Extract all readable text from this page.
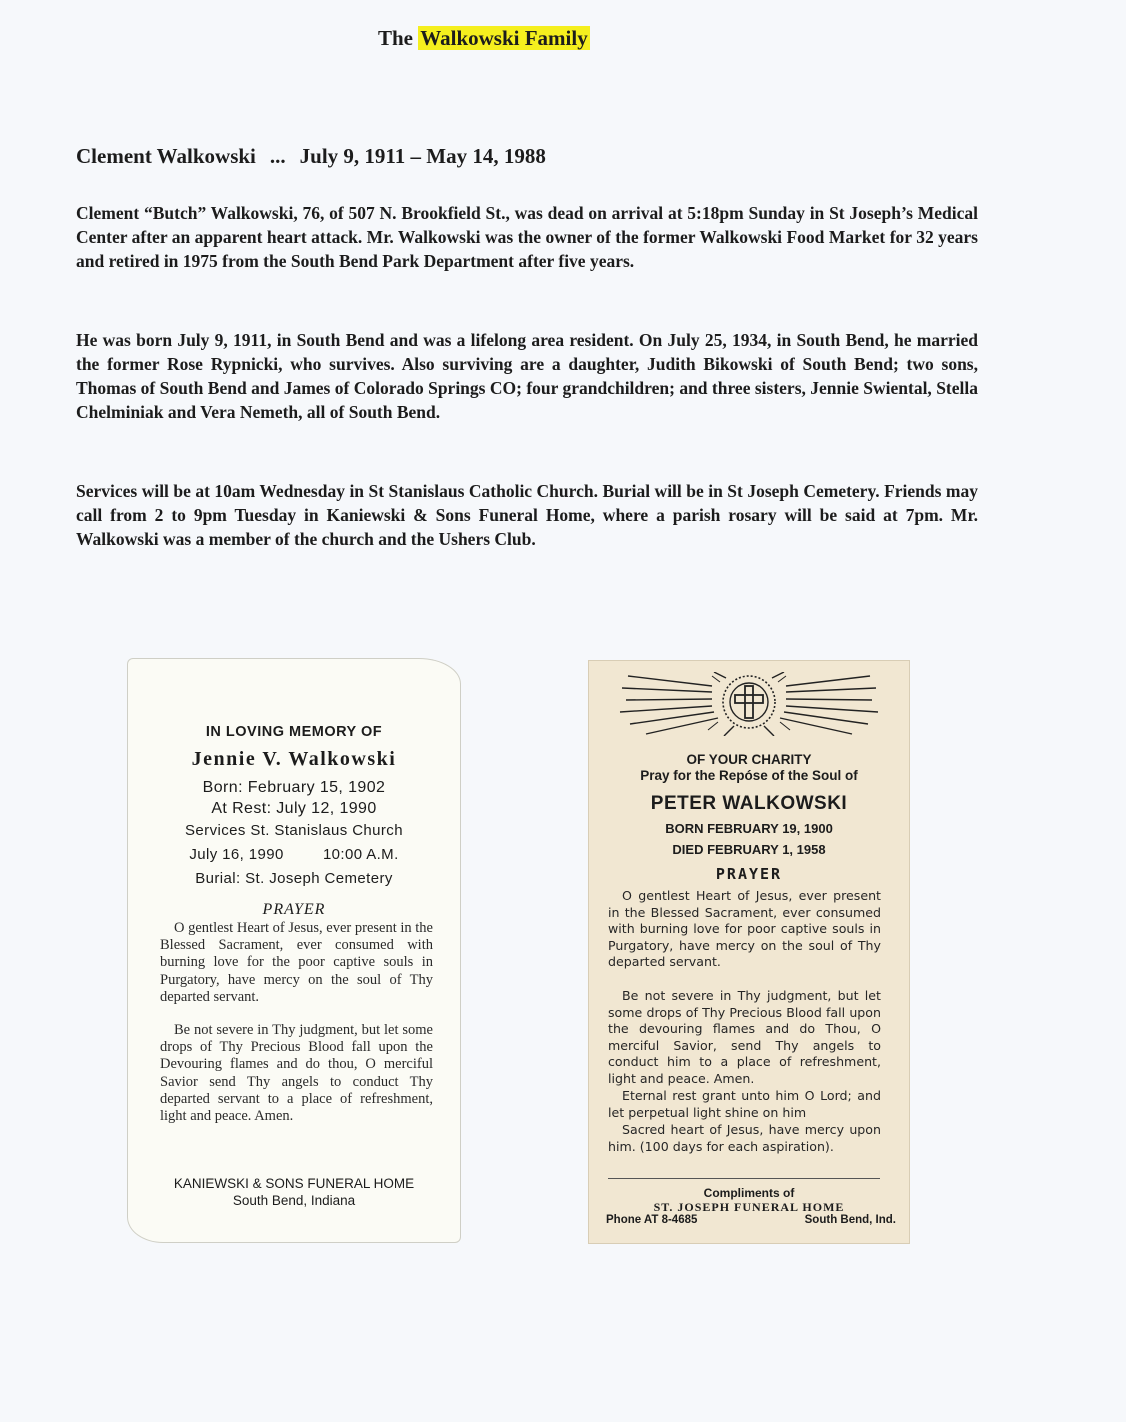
The Walkowski Family
Clement Walkowski ... July 9, 1911 – May 14, 1988

Clement “Butch” Walkowski, 76, of 507 N. Brookfield St., was dead on arrival at 5:18pm Sunday in St Joseph’s Medical Center after an apparent heart attack. Mr. Walkowski was the owner of the former Walkowski Food Market for 32 years and retired in 1975 from the South Bend Park Department after five years.

He was born July 9, 1911, in South Bend and was a lifelong area resident. On July 25, 1934, in South Bend, he married the former Rose Rypnicki, who survives. Also surviving are a daughter, Judith Bikowski of South Bend; two sons, Thomas of South Bend and James of Colorado Springs CO; four grandchildren; and three sisters, Jennie Swiental, Stella Chelminiak and Vera Nemeth, all of South Bend.

Services will be at 10am Wednesday in St Stanislaus Catholic Church. Burial will be in St Joseph Cemetery. Friends may call from 2 to 9pm Tuesday in Kaniewski & Sons Funeral Home, where a parish rosary will be said at 7pm. Mr. Walkowski was a member of the church and the Ushers Club.

IN LOVING MEMORY OF
Jennie V. Walkowski
Born: February 15, 1902
At Rest: July 12, 1990
Services St. Stanislaus Church
July 16, 1990	10:00 A.M.
Burial: St. Joseph Cemetery
PRAYER

O gentlest Heart of Jesus, ever present in the Blessed Sacrament, ever consumed with burning love for the poor captive souls in Purgatory, have mercy on the soul of Thy departed servant.

Be not severe in Thy judgment, but let some drops of Thy Precious Blood fall upon the Devouring flames and do thou, O merciful Savior send Thy angels to conduct Thy departed servant to a place of refreshment, light and peace. Amen.

KANIEWSKI & SONS FUNERAL HOME
South Bend, Indiana
OF YOUR CHARITY
Pray for the Repóse of the Soul of
PETER WALKOWSKI
BORN FEBRUARY 19, 1900
DIED FEBRUARY 1, 1958
PRAYER

O gentlest Heart of Jesus, ever present in the Blessed Sacrament, ever consumed with burning love for poor captive souls in Purgatory, have mercy on the soul of Thy departed servant.

Be not severe in Thy judgment, but let some drops of Thy Precious Blood fall upon the devouring flames and do Thou, O merciful Savior, send Thy angels to conduct him to a place of refreshment, light and peace. Amen.

Eternal rest grant unto him O Lord; and let perpetual light shine on him

Sacred heart of Jesus, have mercy upon him. (100 days for each aspiration).

Compliments of
ST. JOSEPH FUNERAL HOME
Phone AT 8-4685	South Bend, Ind.
